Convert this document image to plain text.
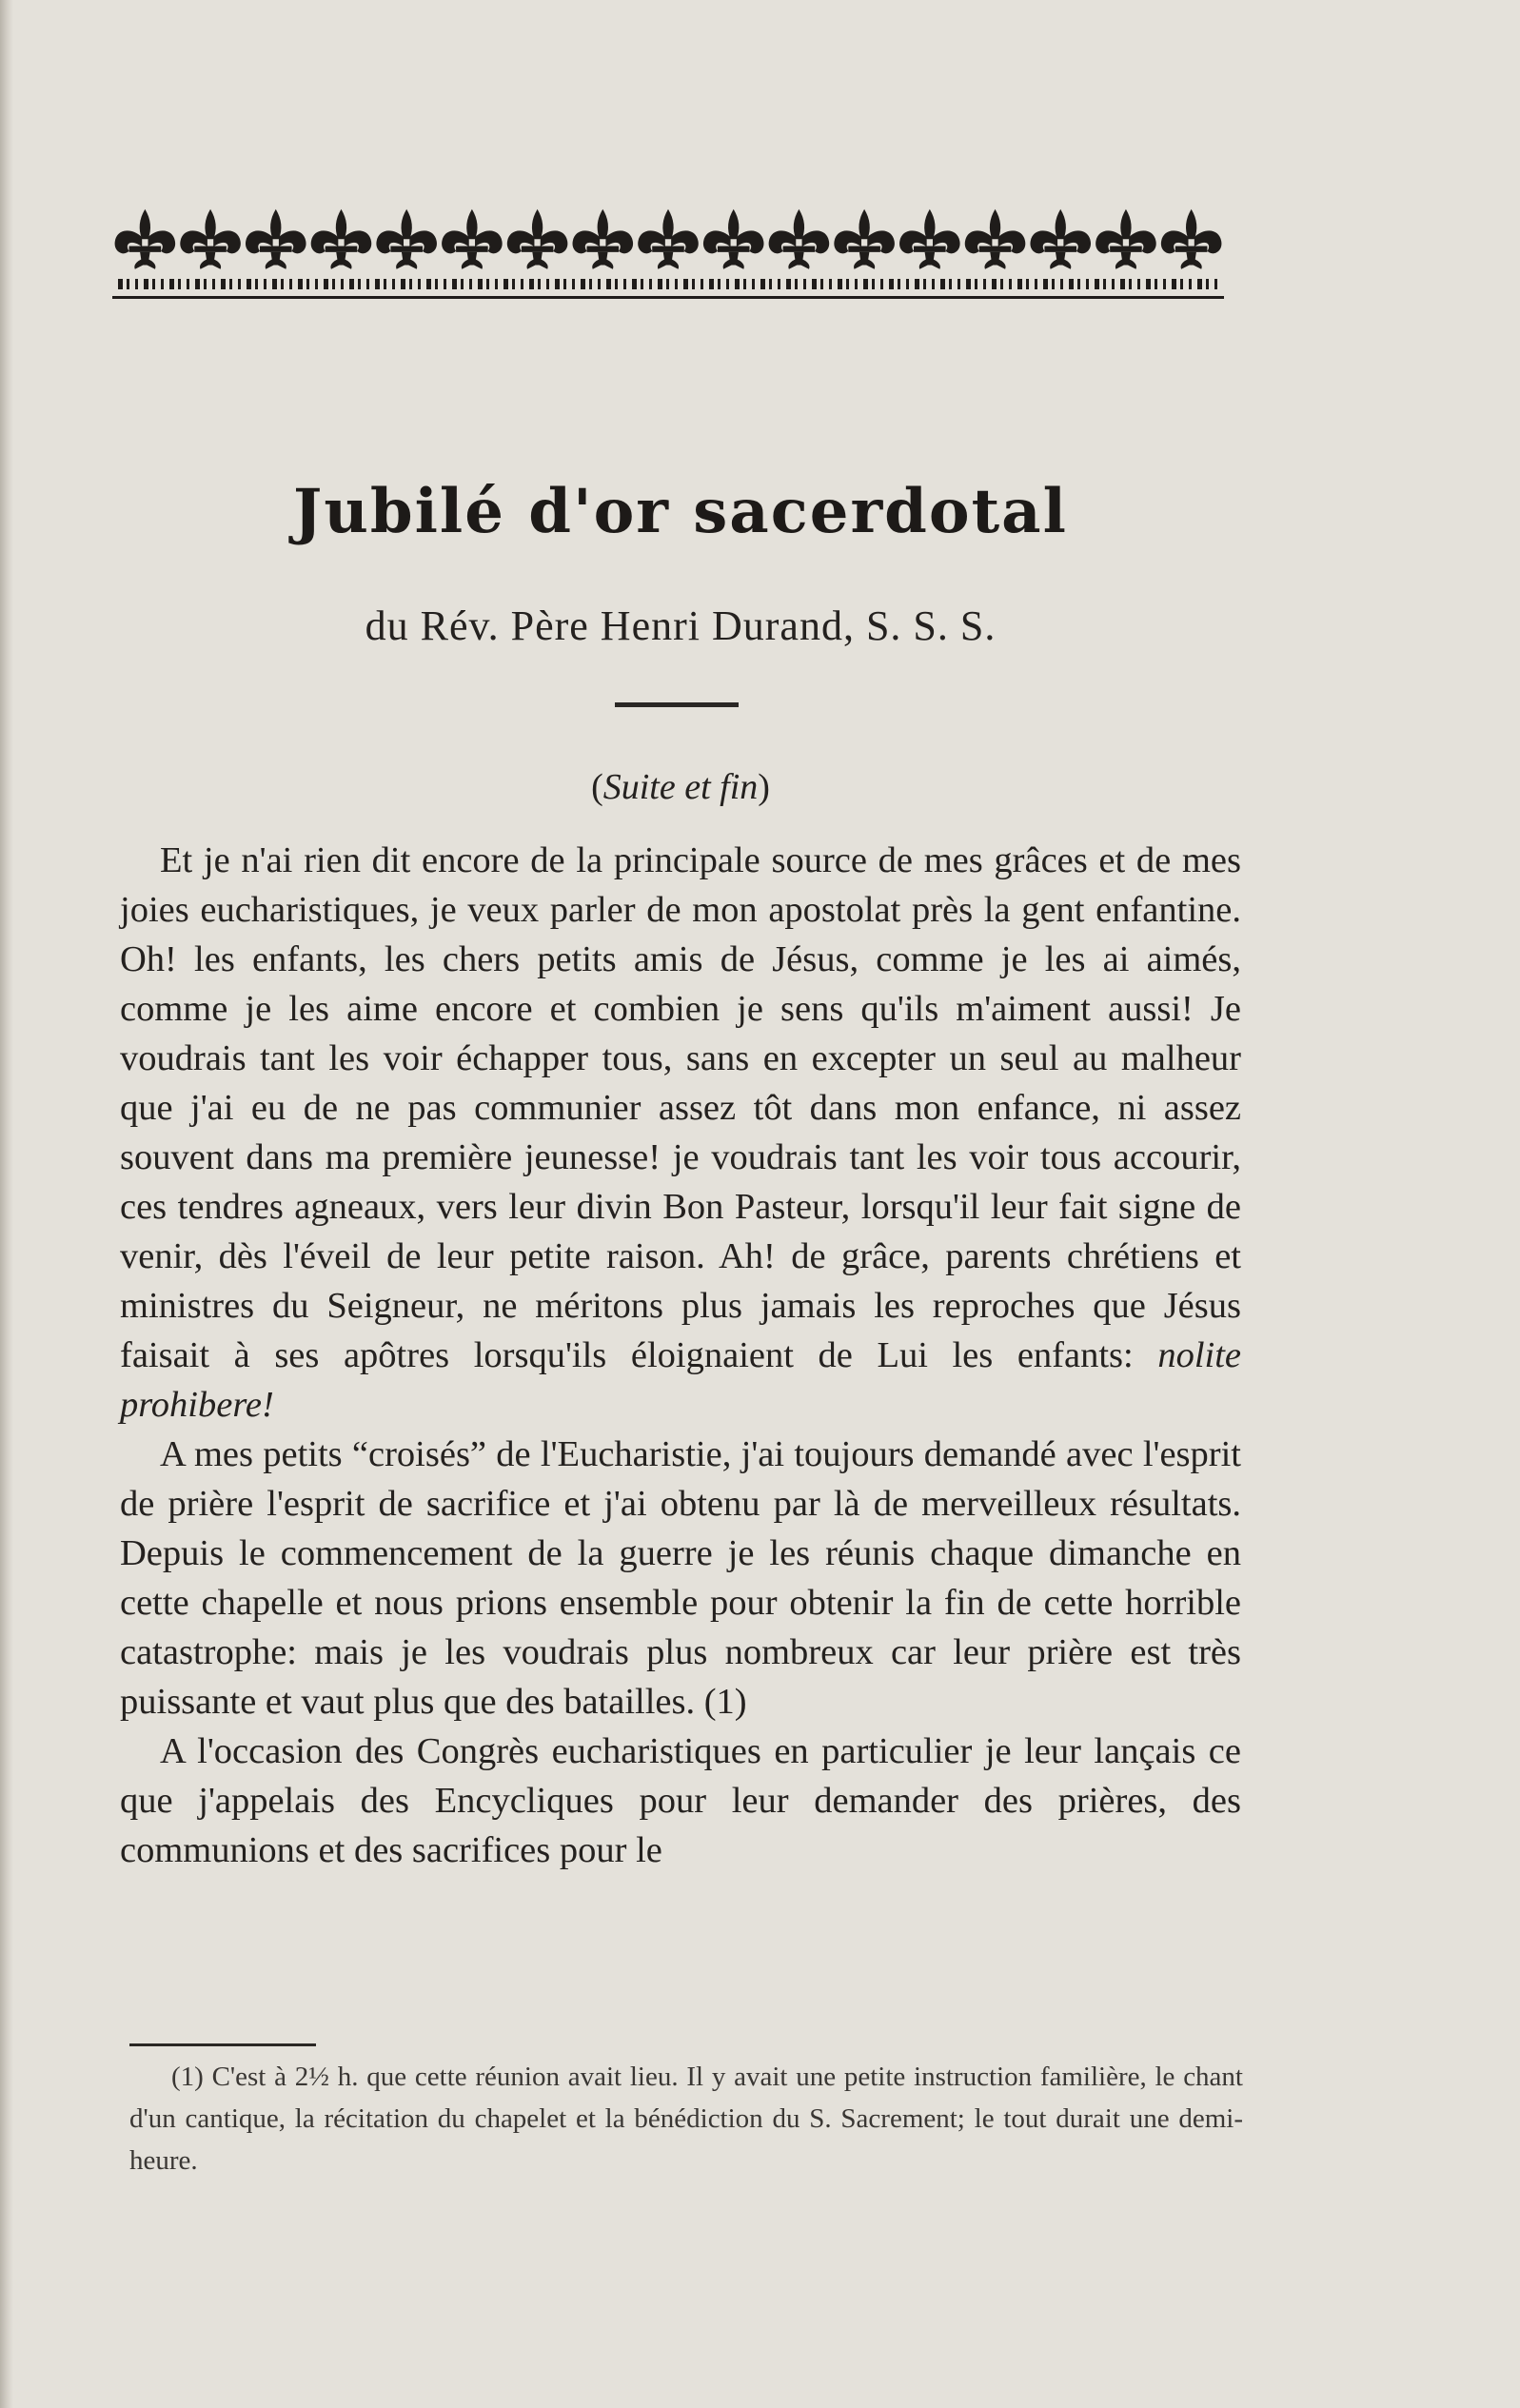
Jubilé d'or sacerdotal
du Rév. Père Henri Durand, S. S. S.
(Suite et fin)

Et je n'ai rien dit encore de la principale source de mes grâces et de mes joies eucharistiques, je veux parler de mon apostolat près la gent enfantine. Oh! les enfants, les chers petits amis de Jésus, comme je les ai aimés, comme je les aime encore et combien je sens qu'ils m'aiment aussi! Je voudrais tant les voir échapper tous, sans en excepter un seul au malheur que j'ai eu de ne pas communier assez tôt dans mon enfance, ni assez souvent dans ma première jeunesse! je voudrais tant les voir tous accourir, ces tendres agneaux, vers leur divin Bon Pasteur, lorsqu'il leur fait signe de venir, dès l'éveil de leur petite raison. Ah! de grâce, parents chrétiens et ministres du Seigneur, ne méritons plus jamais les reproches que Jésus faisait à ses apôtres lorsqu'ils éloignaient de Lui les enfants: nolite prohibere!

A mes petits “croisés” de l'Eucharistie, j'ai toujours demandé avec l'esprit de prière l'esprit de sacrifice et j'ai obtenu par là de merveilleux résultats. Depuis le commencement de la guerre je les réunis chaque dimanche en cette chapelle et nous prions ensemble pour obtenir la fin de cette horrible catastrophe: mais je les voudrais plus nombreux car leur prière est très puissante et vaut plus que des batailles. (1)

A l'occasion des Congrès eucharistiques en particulier je leur lançais ce que j'appelais des Encycliques pour leur demander des prières, des communions et des sacrifices pour le

(1) C'est à 2½ h. que cette réunion avait lieu. Il y avait une petite instruction familière, le chant d'un cantique, la récitation du chapelet et la bénédiction du S. Sacrement; le tout durait une demi-heure.
